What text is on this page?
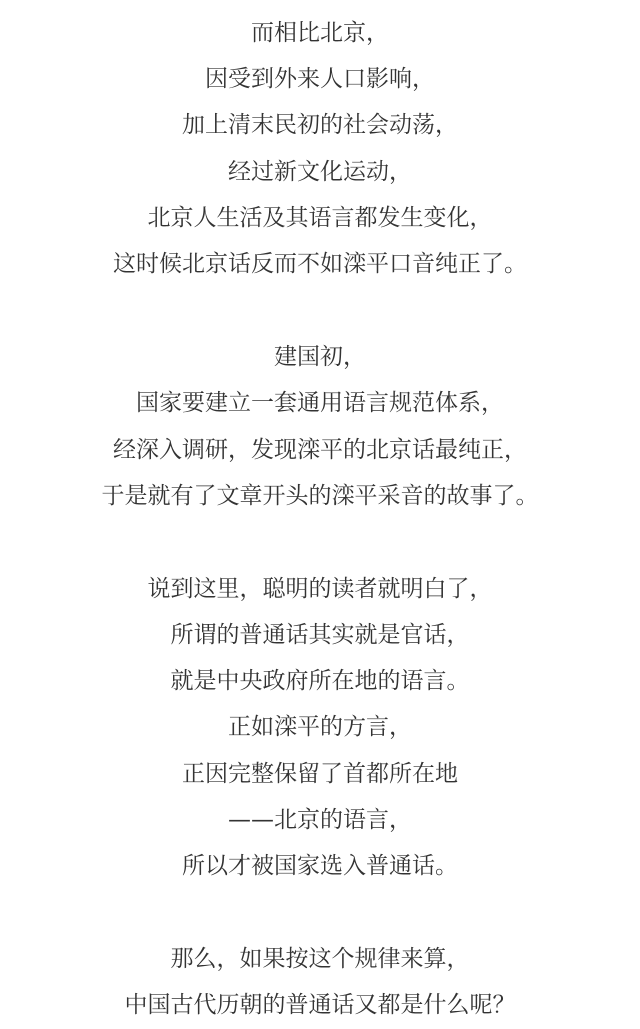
而相比北京，
因受到外来人口影响，
加上清末民初的社会动荡，
经过新文化运动，
北京人生活及其语言都发生变化，
这时候北京话反而不如滦平口音纯正了。
建国初，
国家要建立一套通用语言规范体系，
经深入调研，发现滦平的北京话最纯正，
于是就有了文章开头的滦平采音的故事了。
说到这里，聪明的读者就明白了，
所谓的普通话其实就是官话，
就是中央政府所在地的语言。
正如滦平的方言，
正因完整保留了首都所在地
——北京的语言，
所以才被国家选入普通话。
那么，如果按这个规律来算，
中国古代历朝的普通话又都是什么呢？
